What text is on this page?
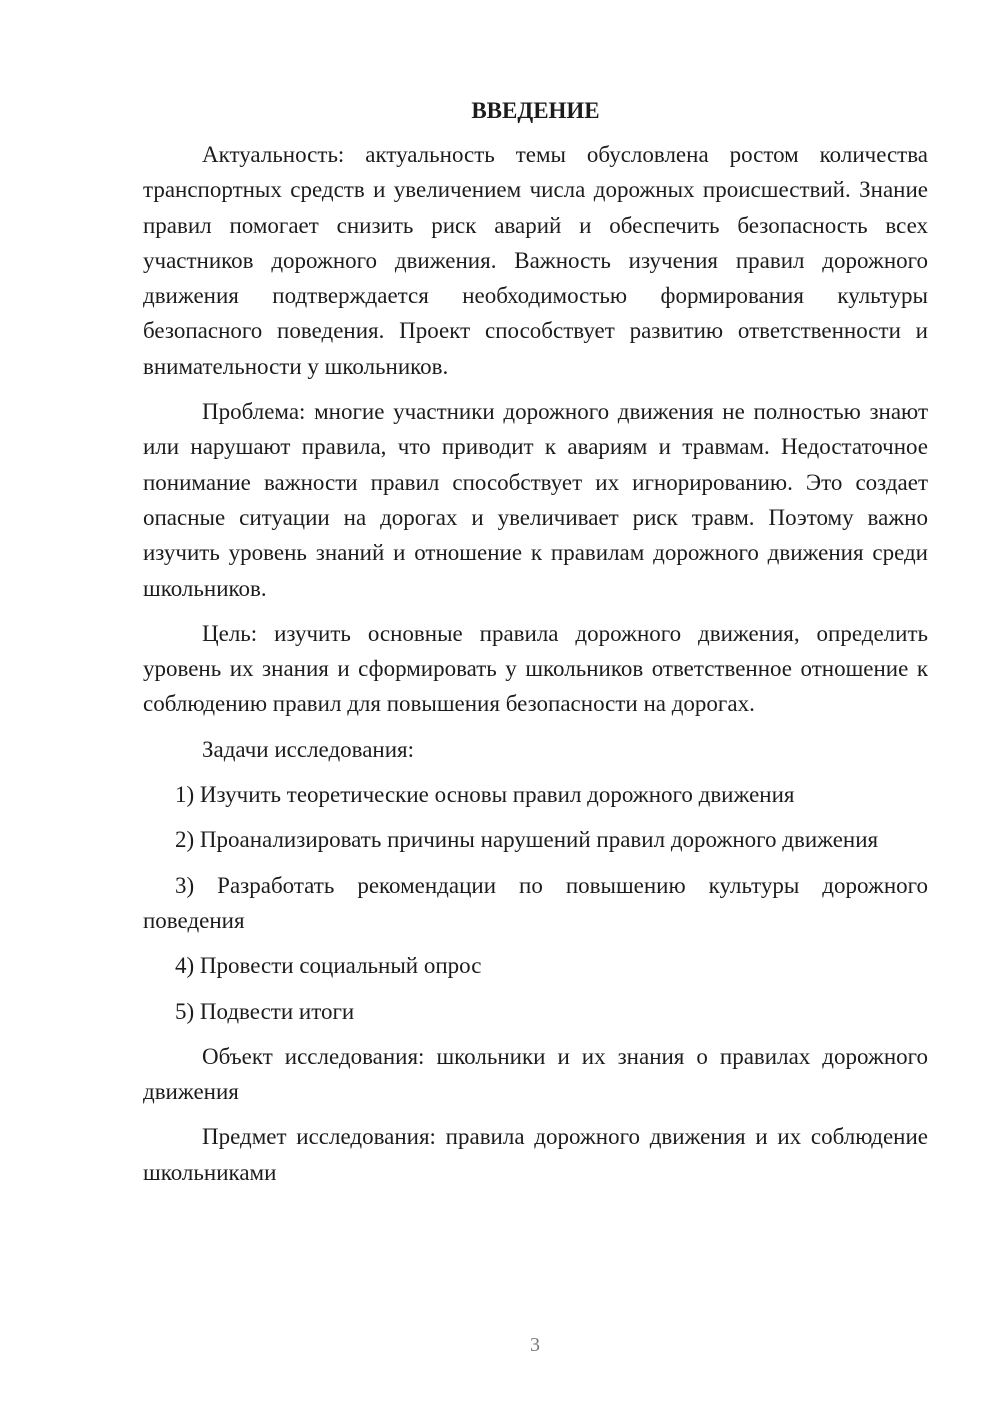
ВВЕДЕНИЕ

Актуальность: актуальность темы обусловлена ростом количества транспортных средств и увеличением числа дорожных происшествий. Знание правил помогает снизить риск аварий и обеспечить безопасность всех участников дорожного движения. Важность изучения правил дорожного движения подтверждается необходимостью формирования культуры безопасного поведения. Проект способствует развитию ответственности и внимательности у школьников.

Проблема: многие участники дорожного движения не полностью знают или нарушают правила, что приводит к авариям и травмам. Недостаточное понимание важности правил способствует их игнорированию. Это создает опасные ситуации на дорогах и увеличивает риск травм. Поэтому важно изучить уровень знаний и отношение к правилам дорожного движения среди школьников.

Цель: изучить основные правила дорожного движения, определить уровень их знания и сформировать у школьников ответственное отношение к соблюдению правил для повышения безопасности на дорогах.

Задачи исследования:

1) Изучить теоретические основы правил дорожного движения

2) Проанализировать причины нарушений правил дорожного движения

3) Разработать рекомендации по повышению культуры дорожного поведения

4) Провести социальный опрос

5) Подвести итоги

Объект исследования: школьники и их знания о правилах дорожного движения

Предмет исследования: правила дорожного движения и их соблюдение школьниками

3
